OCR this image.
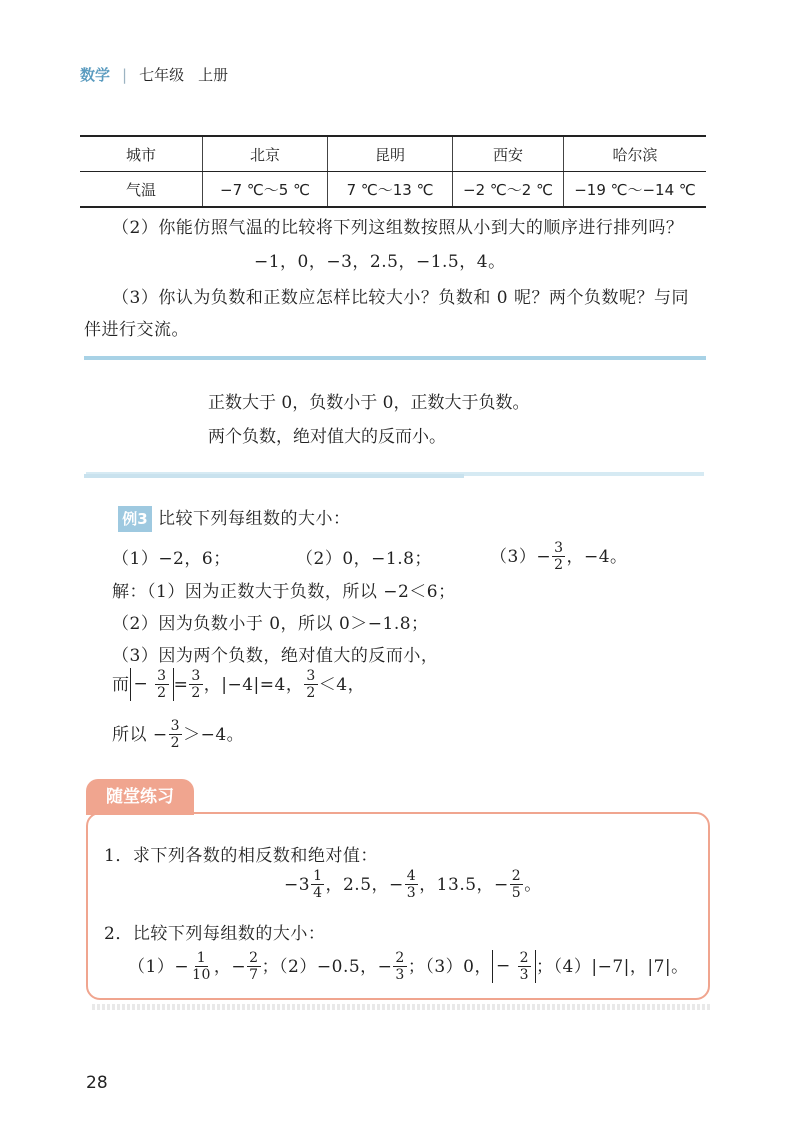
数学 | 七年级 上册
城市	北京	昆明	西安	哈尔滨
气温	−7 ℃～5 ℃	7 ℃～13 ℃	−2 ℃～2 ℃	−19 ℃～−14 ℃
（2）你能仿照气温的比较将下列这组数按照从小到大的顺序进行排列吗？
−1，0，−3，2.5，−1.5，4。
（3）你认为负数和正数应怎样比较大小？负数和 0 呢？两个负数呢？与同
伴进行交流。
正数大于 0，负数小于 0，正数大于负数。
两个负数，绝对值大的反而小。
例3 比较下列每组数的大小：
（1）−2，6；	（2）0，−1.8；	$(3)- \frac{3}{2}$ ，−4。
解：（1）因为正数大于负数，所以 −2＜6；
（2）因为负数小于 0，所以 0＞−1.8；
（3）因为两个负数，绝对值大的反而小，
而 − $\frac{3}{2} = \frac{3}{2}$ ，|−4|=4， $\frac{3}{2} <4$，
所以 − $\frac{3}{2} >-4$。
随堂练习
1．求下列各数的相反数和绝对值：
$-3 \frac{1}{4}$ ，2.5，− $\frac{4}{3}$ ，13.5，− $\frac{2}{5}$ 。
2．比较下列每组数的大小：
$(1)- \frac{1}{10}$ ，− $\frac{2}{7}$ ；（2）−0.5，− $\frac{2}{3}$ ；（3）0， − $\frac{2}{3}$ ；（4）|−7|，|7|。
28
